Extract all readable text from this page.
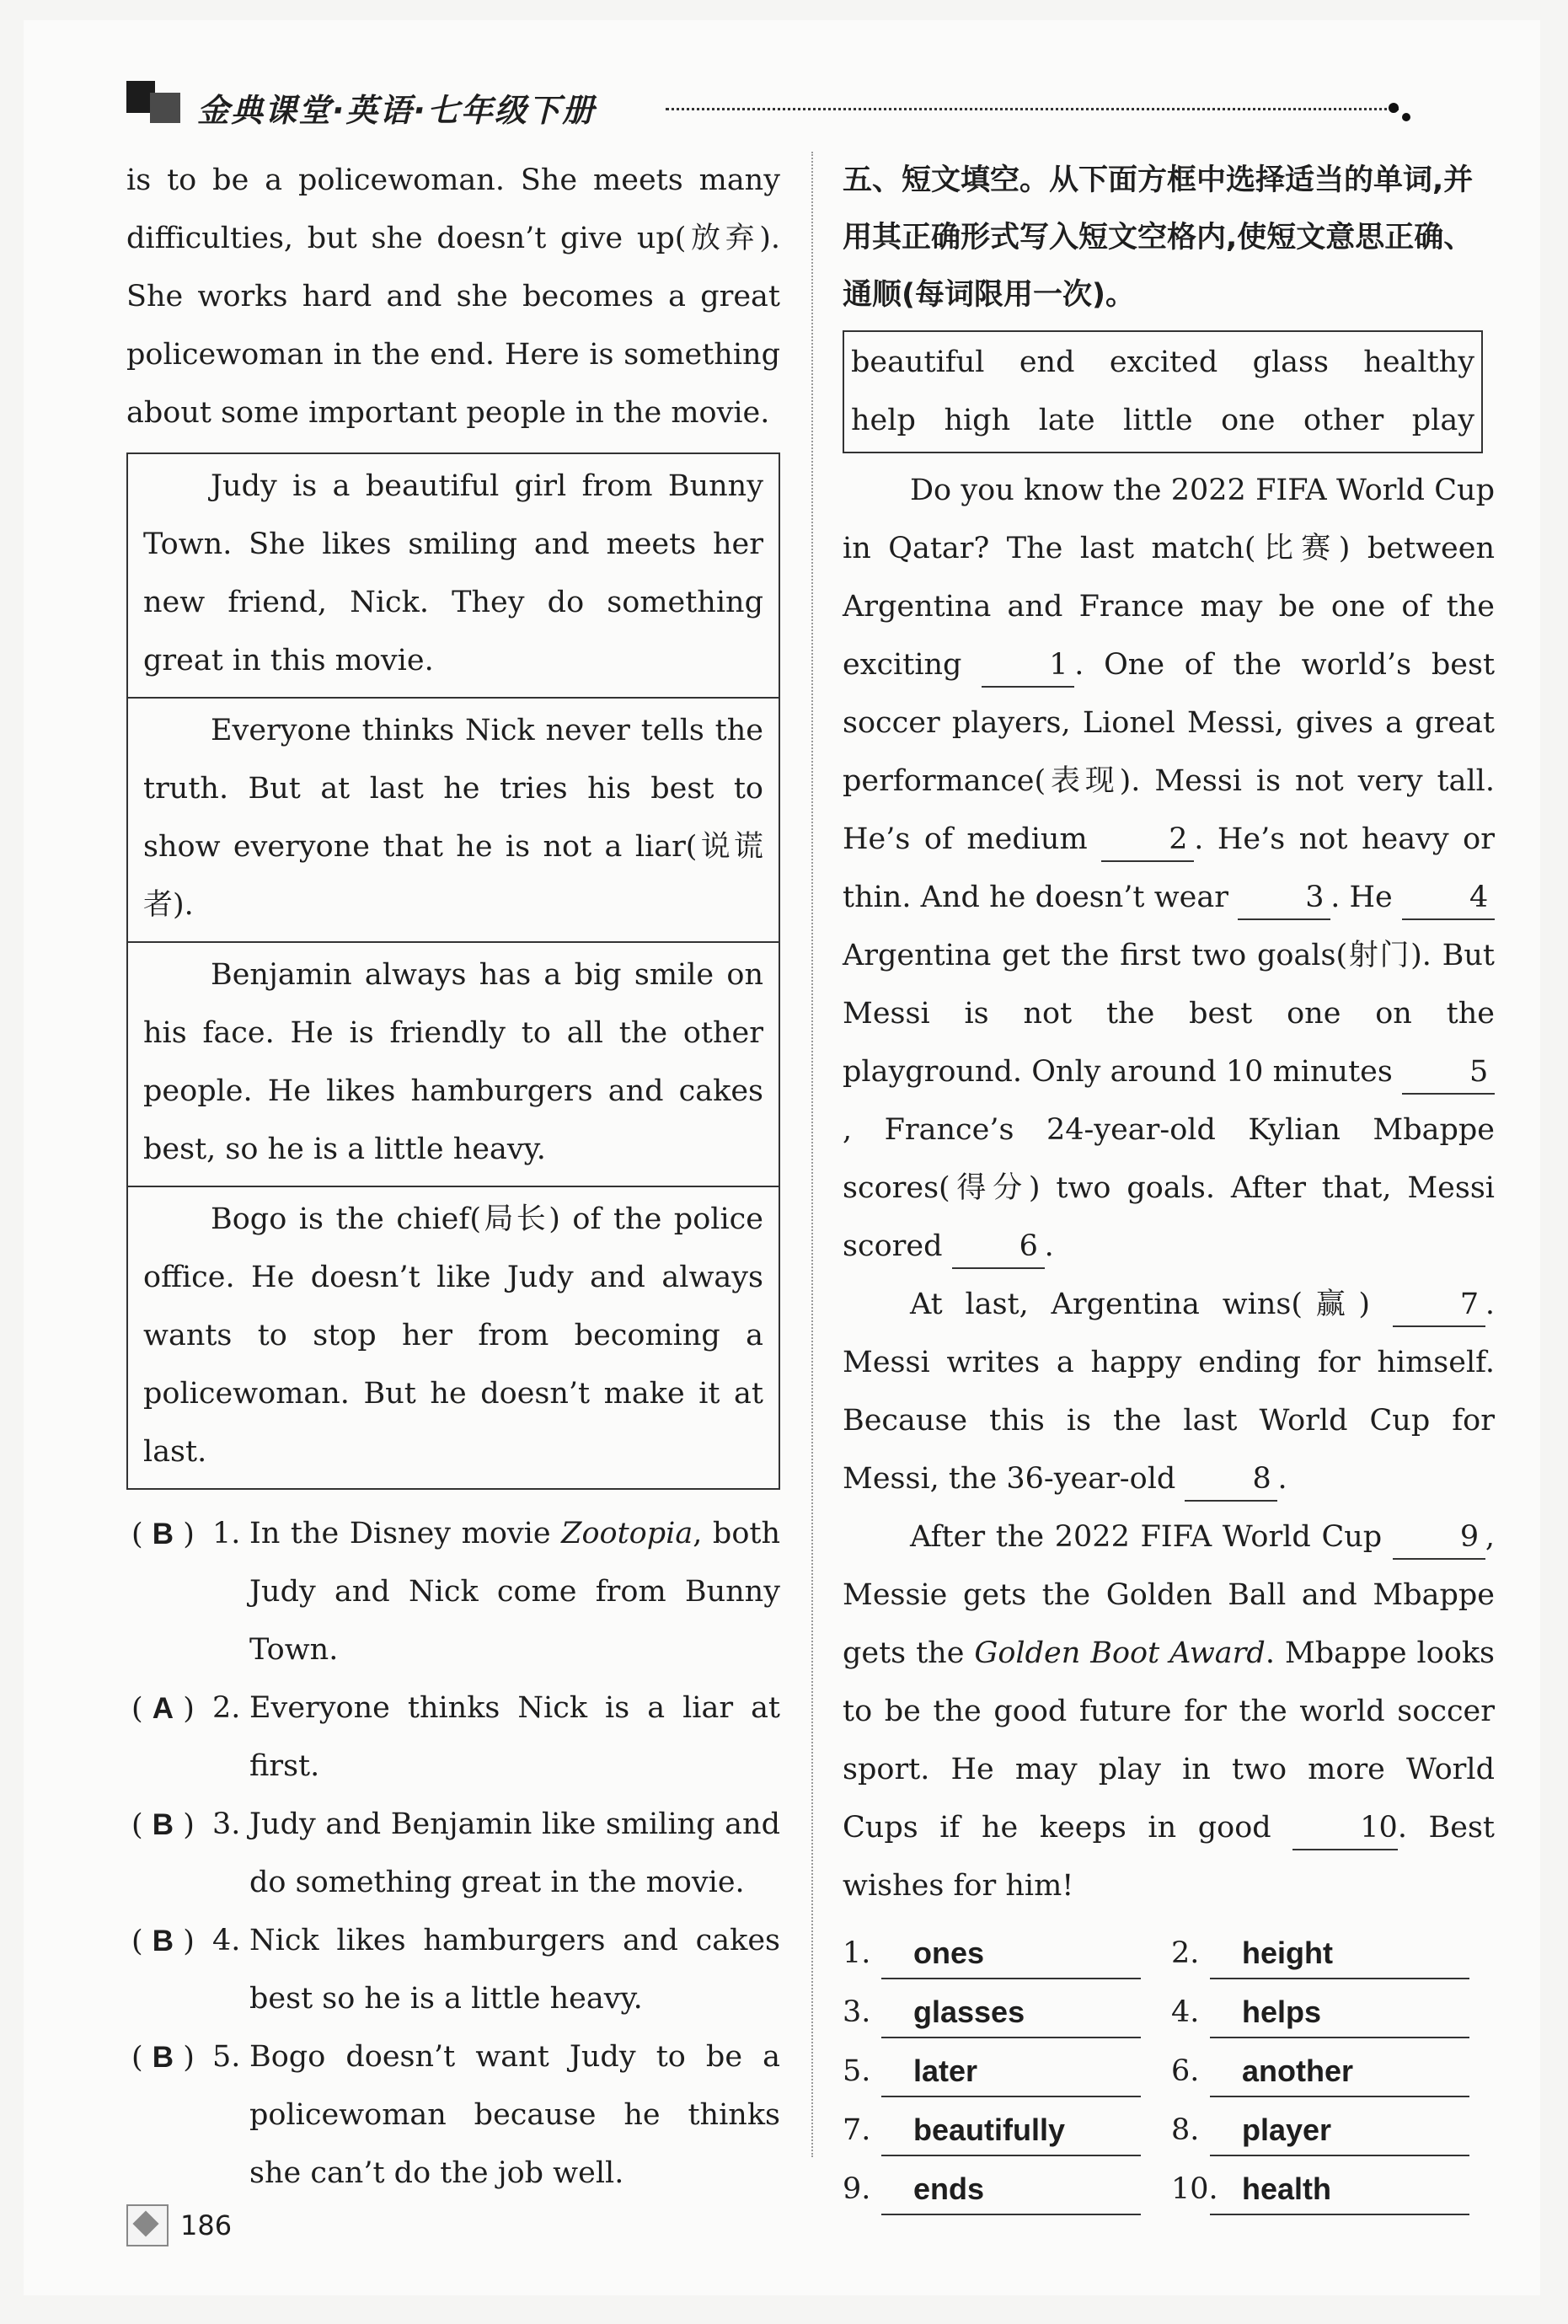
金典课堂·英语·七年级下册

is to be a policewoman. She meets many difficulties, but she doesn’t give up(放弃). She works hard and she becomes a great policewoman in the end. Here is something about some important people in the movie.

Judy is a beautiful girl from Bunny Town. She likes smiling and meets her new friend, Nick. They do something great in this movie.
Everyone thinks Nick never tells the truth. But at last he tries his best to show everyone that he is not a liar(说谎者).
Benjamin always has a big smile on his face. He is friendly to all the other people. He likes hamburgers and cakes best, so he is a little heavy.
Bogo is the chief(局长) of the police office. He doesn’t like Judy and always wants to stop her from becoming a policewoman. But he doesn’t make it at last.
( B ) 1. In the Disney movie Zootopia, both Judy and Nick come from Bunny Town.
( A ) 2. Everyone thinks Nick is a liar at first.
( B ) 3. Judy and Benjamin like smiling and do something great in the movie.
( B ) 4. Nick likes hamburgers and cakes best so he is a little heavy.
( B ) 5. Bogo doesn’t want Judy to be a policewoman because he thinks she can’t do the job well.

五、短文填空。从下面方框中选择适当的单词,并用其正确形式写入短文空格内,使短文意思正确、通顺(每词限用一次)。

beautiful end excited glass healthy
help high late little one other play

Do you know the 2022 FIFA World Cup in Qatar? The last match(比赛) between Argentina and France may be one of the exciting 1 . One of the world’s best soccer players, Lionel Messi, gives a great performance(表现). Messi is not very tall. He’s of medium 2 . He’s not heavy or thin. And he doesn’t wear 3 . He 4 Argentina get the first two goals(射门). But Messi is not the best one on the playground. Only around 10 minutes 5, France’s 24-year-old Kylian Mbappe scores(得分) two goals. After that, Messi scored 6 .

At last, Argentina wins(赢) 7 . Messi writes a happy ending for himself. Because this is the last World Cup for Messi, the 36-year-old 8 .

After the 2022 FIFA World Cup 9 , Messie gets the Golden Ball and Mbappe gets the Golden Boot Award. Mbappe looks to be the good future for the world soccer sport. He may play in two more World Cups if he keeps in good 10. Best wishes for him!

1.	ones	2.	height
3.	glasses	4.	helps
5.	later	6.	another
7.	beautifully	8.	player
9.	ends	10. health
186
